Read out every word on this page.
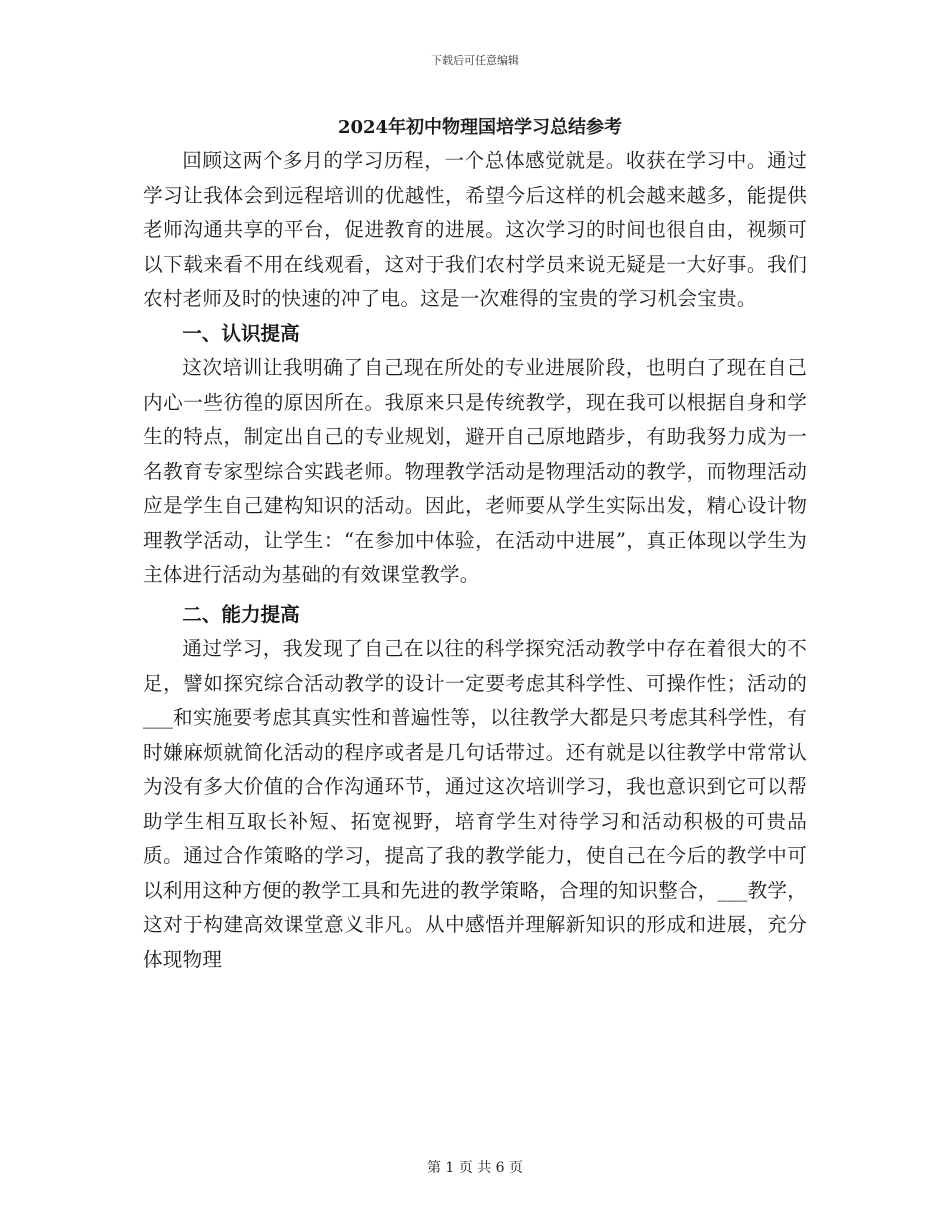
下载后可任意编辑

2024年初中物理国培学习总结参考

回顾这两个多月的学习历程，一个总体感觉就是。收获在学习中。通过学习让我体会到远程培训的优越性，希望今后这样的机会越来越多，能提供老师沟通共享的平台，促进教育的进展。这次学习的时间也很自由，视频可以下载来看不用在线观看，这对于我们农村学员来说无疑是一大好事。我们农村老师及时的快速的冲了电。这是一次难得的宝贵的学习机会宝贵。

一、认识提高

这次培训让我明确了自己现在所处的专业进展阶段，也明白了现在自己内心一些彷徨的原因所在。我原来只是传统教学，现在我可以根据自身和学生的特点，制定出自己的专业规划，避开自己原地踏步，有助我努力成为一名教育专家型综合实践老师。物理教学活动是物理活动的教学，而物理活动应是学生自己建构知识的活动。因此，老师要从学生实际出发，精心设计物理教学活动，让学生：“在参加中体验，在活动中进展”，真正体现以学生为主体进行活动为基础的有效课堂教学。

二、能力提高

通过学习，我发现了自己在以往的科学探究活动教学中存在着很大的不足，譬如探究综合活动教学的设计一定要考虑其科学性、可操作性；活动的___和实施要考虑其真实性和普遍性等，以往教学大都是只考虑其科学性，有时嫌麻烦就简化活动的程序或者是几句话带过。还有就是以往教学中常常认为没有多大价值的合作沟通环节，通过这次培训学习，我也意识到它可以帮助学生相互取长补短、拓宽视野，培育学生对待学习和活动积极的可贵品质。通过合作策略的学习，提高了我的教学能力，使自己在今后的教学中可以利用这种方便的教学工具和先进的教学策略，合理的知识整合，___教学，这对于构建高效课堂意义非凡。从中感悟并理解新知识的形成和进展，充分体现物理

第 1 页 共 6 页
